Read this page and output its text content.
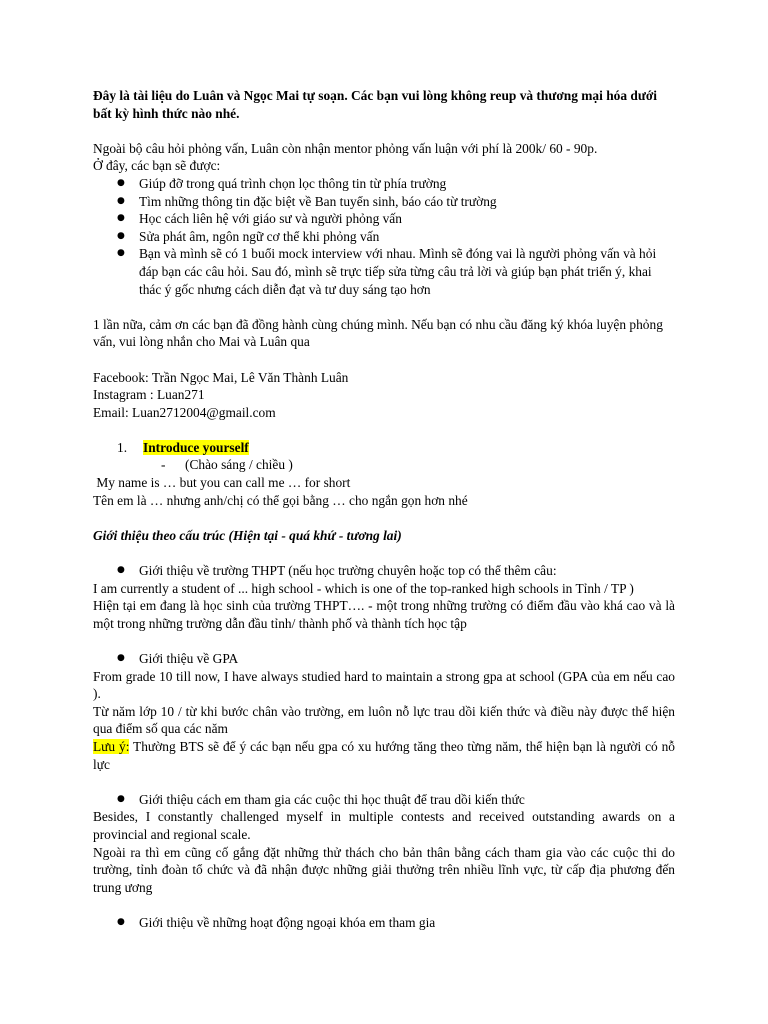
Đây là tài liệu do Luân và Ngọc Mai tự soạn. Các bạn vui lòng không reup và thương mại hóa dưới bất kỳ hình thức nào nhé.

Ngoài bộ câu hỏi phỏng vấn, Luân còn nhận mentor phỏng vấn luận với phí là 200k/ 60 - 90p.

Ở đây, các bạn sẽ được:

● Giúp đỡ trong quá trình chọn lọc thông tin từ phía trường
● Tìm những thông tin đặc biệt về Ban tuyển sinh, báo cáo từ trường
● Học cách liên hệ với giáo sư và người phỏng vấn
● Sửa phát âm, ngôn ngữ cơ thể khi phỏng vấn
● Bạn và mình sẽ có 1 buổi mock interview với nhau. Mình sẽ đóng vai là người phỏng vấn và hỏi đáp bạn các câu hỏi. Sau đó, mình sẽ trực tiếp sửa từng câu trả lời và giúp bạn phát triển ý, khai thác ý gốc nhưng cách diễn đạt và tư duy sáng tạo hơn

1 lần nữa, cảm ơn các bạn đã đồng hành cùng chúng mình. Nếu bạn có nhu cầu đăng ký khóa luyện phỏng vấn, vui lòng nhắn cho Mai và Luân qua

Facebook: Trần Ngọc Mai, Lê Văn Thành Luân

Instagram : Luan271

Email: Luan2712004@gmail.com

1. Introduce yourself

- (Chào sáng / chiều )

My name is … but you can call me … for short

Tên em là … nhưng anh/chị có thể gọi bằng … cho ngắn gọn hơn nhé

Giới thiệu theo cấu trúc (Hiện tại - quá khứ - tương lai)

● Giới thiệu về trường THPT (nếu học trường chuyên hoặc top có thể thêm câu:

I am currently a student of ... high school - which is one of the top-ranked high schools in Tỉnh / TP )

Hiện tại em đang là học sinh của trường THPT…. - một trong những trường có điểm đầu vào khá cao và là một trong những trường dẫn đầu tỉnh/ thành phố và thành tích học tập

● Giới thiệu về GPA

From grade 10 till now, I have always studied hard to maintain a strong gpa at school (GPA của em nếu cao ).

Từ năm lớp 10 / từ khi bước chân vào trường, em luôn nỗ lực trau dồi kiến thức và điều này được thể hiện qua điểm số qua các năm

Lưu ý: Thường BTS sẽ để ý các bạn nếu gpa có xu hướng tăng theo từng năm, thể hiện bạn là người có nỗ lực

● Giới thiệu cách em tham gia các cuộc thi học thuật để trau dồi kiến thức

Besides, I constantly challenged myself in multiple contests and received outstanding awards on a provincial and regional scale.

Ngoài ra thì em cũng cố gắng đặt những thử thách cho bản thân bằng cách tham gia vào các cuộc thi do trường, tỉnh đoàn tổ chức và đã nhận được những giải thưởng trên nhiều lĩnh vực, từ cấp địa phương đến trung ương

● Giới thiệu về những hoạt động ngoại khóa em tham gia
